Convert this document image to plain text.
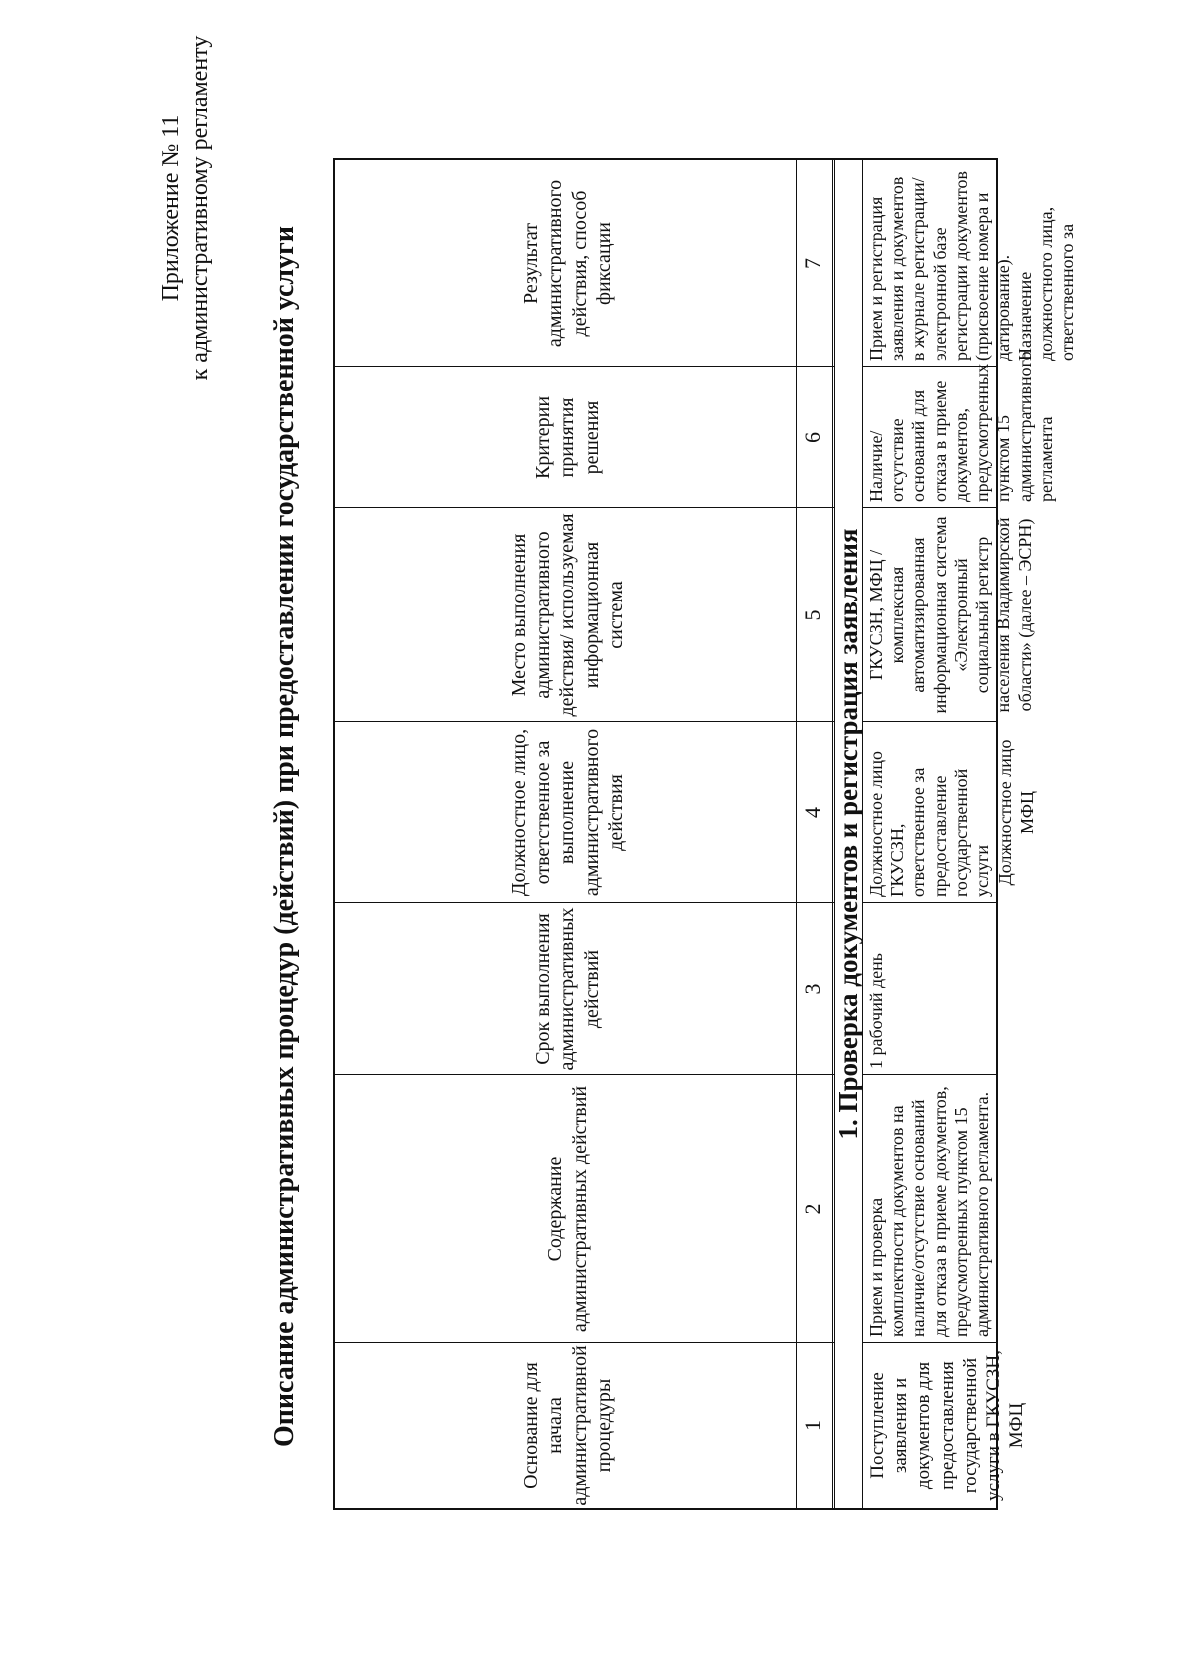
Приложение № 11 к административному регламенту
Описание административных процедур (действий) при предоставлении государственной услуги	Основание для начала административной процедуры
Содержание административных действий
Срок выполнения административных действий
Должностное лицо, ответственное за выполнение административного действия
Место выполнения административного действия/ используемая информационная система
Критерии принятия решения
Результат административного действия, способ фиксации
1
2
3
4
5
6
7
1. Проверка документов и регистрация заявления
Поступление заявления и документов для предоставления государственной услуги в ГКУСЗН, МФЦ
Прием и проверка комплектности документов на наличие/отсутствие оснований для отказа в приеме документов, предусмотренных пунктом 15 административного регламента.
1 рабочий день
Должностное лицо ГКУСЗН, ответственное за предоставление государственной услуги Должностное лицо МФЦ
ГКУСЗН, МФЦ / комплексная автоматизированная информационная система «Электронный социальный регистр населения Владимирской области» (далее – ЭСРН)
Наличие/отсутствие оснований для отказа в приеме документов, предусмотренных пунктом 15 административного регламента
Прием и регистрация заявления и документов в журнале регистрации/электронной базе регистрации документов (присвоение номера и датирование). Назначение должностного лица, ответственного за
